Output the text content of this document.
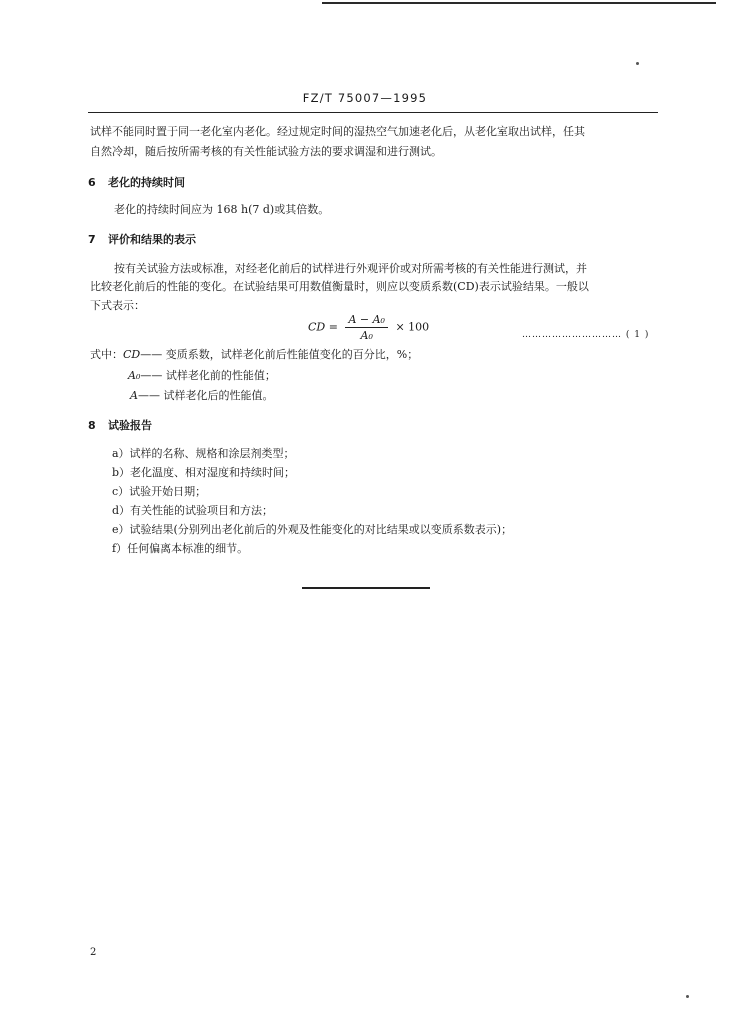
FZ/T 75007—1995
试样不能同时置于同一老化室内老化。经过规定时间的湿热空气加速老化后，从老化室取出试样，任其
自然冷却，随后按所需考核的有关性能试验方法的要求调湿和进行测试。
6 老化的持续时间
老化的持续时间应为 168 h(7 d)或其倍数。
7 评价和结果的表示
按有关试验方法或标准，对经老化前后的试样进行外观评价或对所需考核的有关性能进行测试，并
比较老化前后的性能的变化。在试验结果可用数值衡量时，则应以变质系数(CD)表示试验结果。一般以
下式表示：
CD = $\frac{\text{A − A₀}}{\text{A₀}} \times 100$
………………………… ( 1 )
式中：CD—— 变质系数，试样老化前后性能值变化的百分比，%；
A₀—— 试样老化前的性能值；
A—— 试样老化后的性能值。
8 试验报告
a）试样的名称、规格和涂层剂类型；
b）老化温度、相对湿度和持续时间；
c）试验开始日期；
d）有关性能的试验项目和方法；
e）试验结果(分别列出老化前后的外观及性能变化的对比结果或以变质系数表示)；
f）任何偏离本标准的细节。
2
